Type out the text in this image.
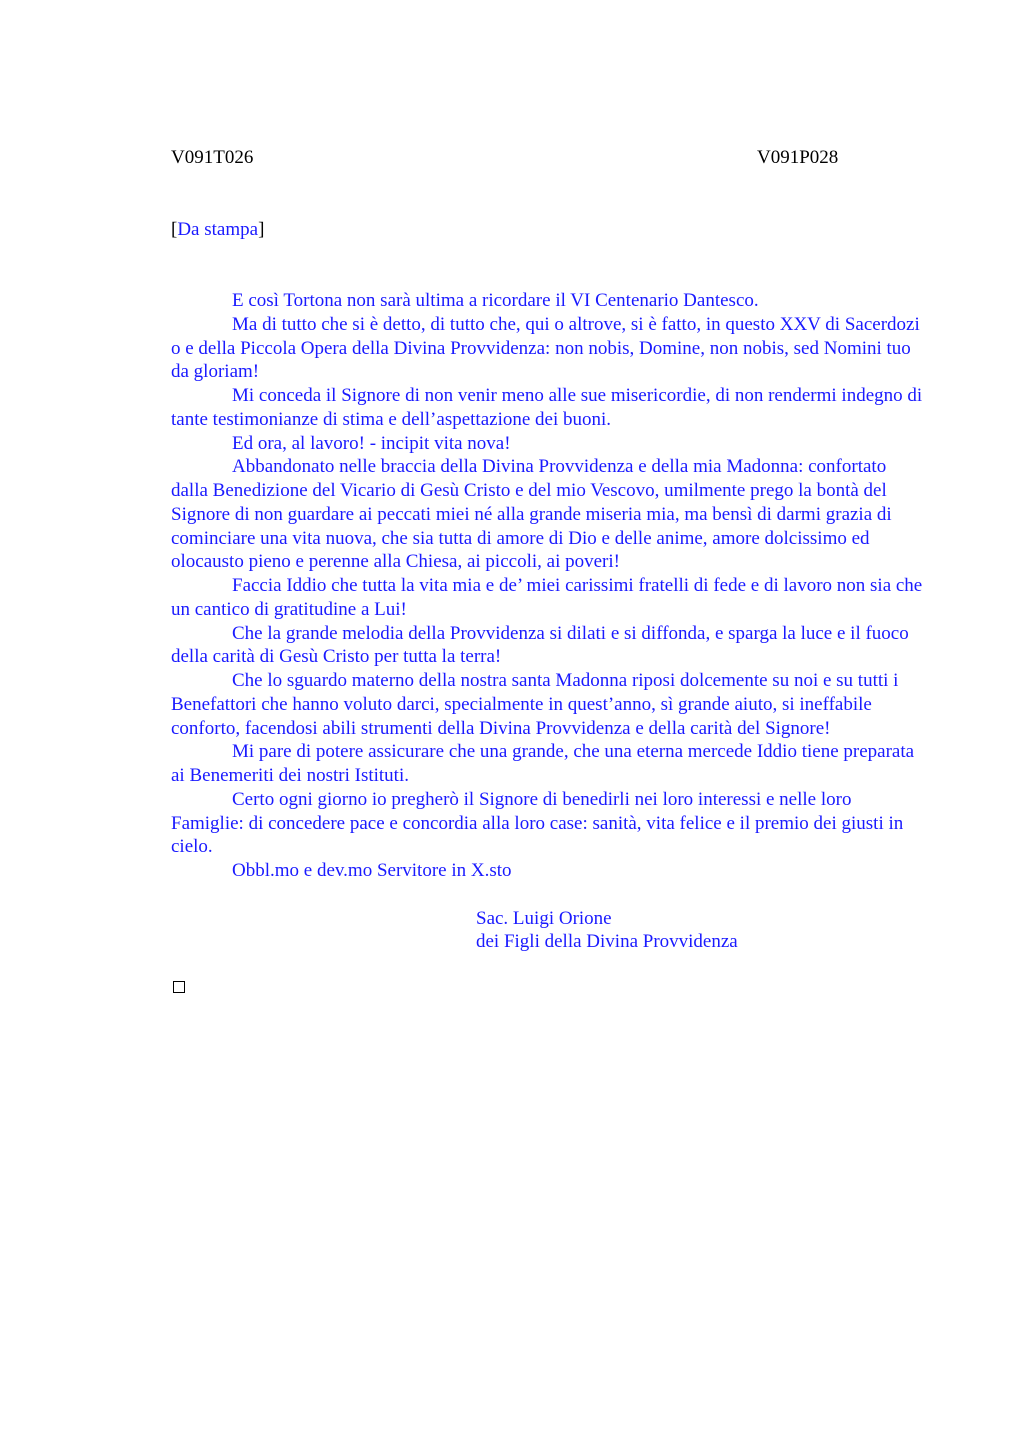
V091T026	V091P028
[Da stampa]

E così Tortona non sarà ultima a ricordare il VI Centenario Dantesco.

Ma di tutto che si è detto, di tutto che, qui o altrove, si è fatto, in questo XXV di Sacerdozi o e della Piccola Opera della Divina Provvidenza: non nobis, Domine, non nobis, sed Nomini tuo da gloriam!

Mi conceda il Signore di non venir meno alle sue misericordie, di non rendermi indegno di tante testimonianze di stima e dell’aspettazione dei buoni.

Ed ora, al lavoro! - incipit vita nova!

Abbandonato nelle braccia della Divina Provvidenza e della mia Madonna: confortato dalla Benedizione del Vicario di Gesù Cristo e del mio Vescovo, umilmente prego la bontà del Signore di non guardare ai peccati miei né alla grande miseria mia, ma bensì di darmi grazia di cominciare una vita nuova, che sia tutta di amore di Dio e delle anime, amore dolcissimo ed olocausto pieno e perenne alla Chiesa, ai piccoli, ai poveri!

Faccia Iddio che tutta la vita mia e de’ miei carissimi fratelli di fede e di lavoro non sia che un cantico di gratitudine a Lui!

Che la grande melodia della Provvidenza si dilati e si diffonda, e sparga la luce e il fuoco della carità di Gesù Cristo per tutta la terra!

Che lo sguardo materno della nostra santa Madonna riposi dolcemente su noi e su tutti i Benefattori che hanno voluto darci, specialmente in quest’anno, sì grande aiuto, si ineffabile conforto, facendosi abili strumenti della Divina Provvidenza e della carità del Signore!

Mi pare di potere assicurare che una grande, che una eterna mercede Iddio tiene preparata ai Benemeriti dei nostri Istituti.

Certo ogni giorno io pregherò il Signore di benedirli nei loro interessi e nelle loro Famiglie: di concedere pace e concordia alla loro case: sanità, vita felice e il premio dei giusti in cielo.

Obbl.mo e dev.mo Servitore in X.sto

Sac. Luigi Orione
dei Figli della Divina Provvidenza
